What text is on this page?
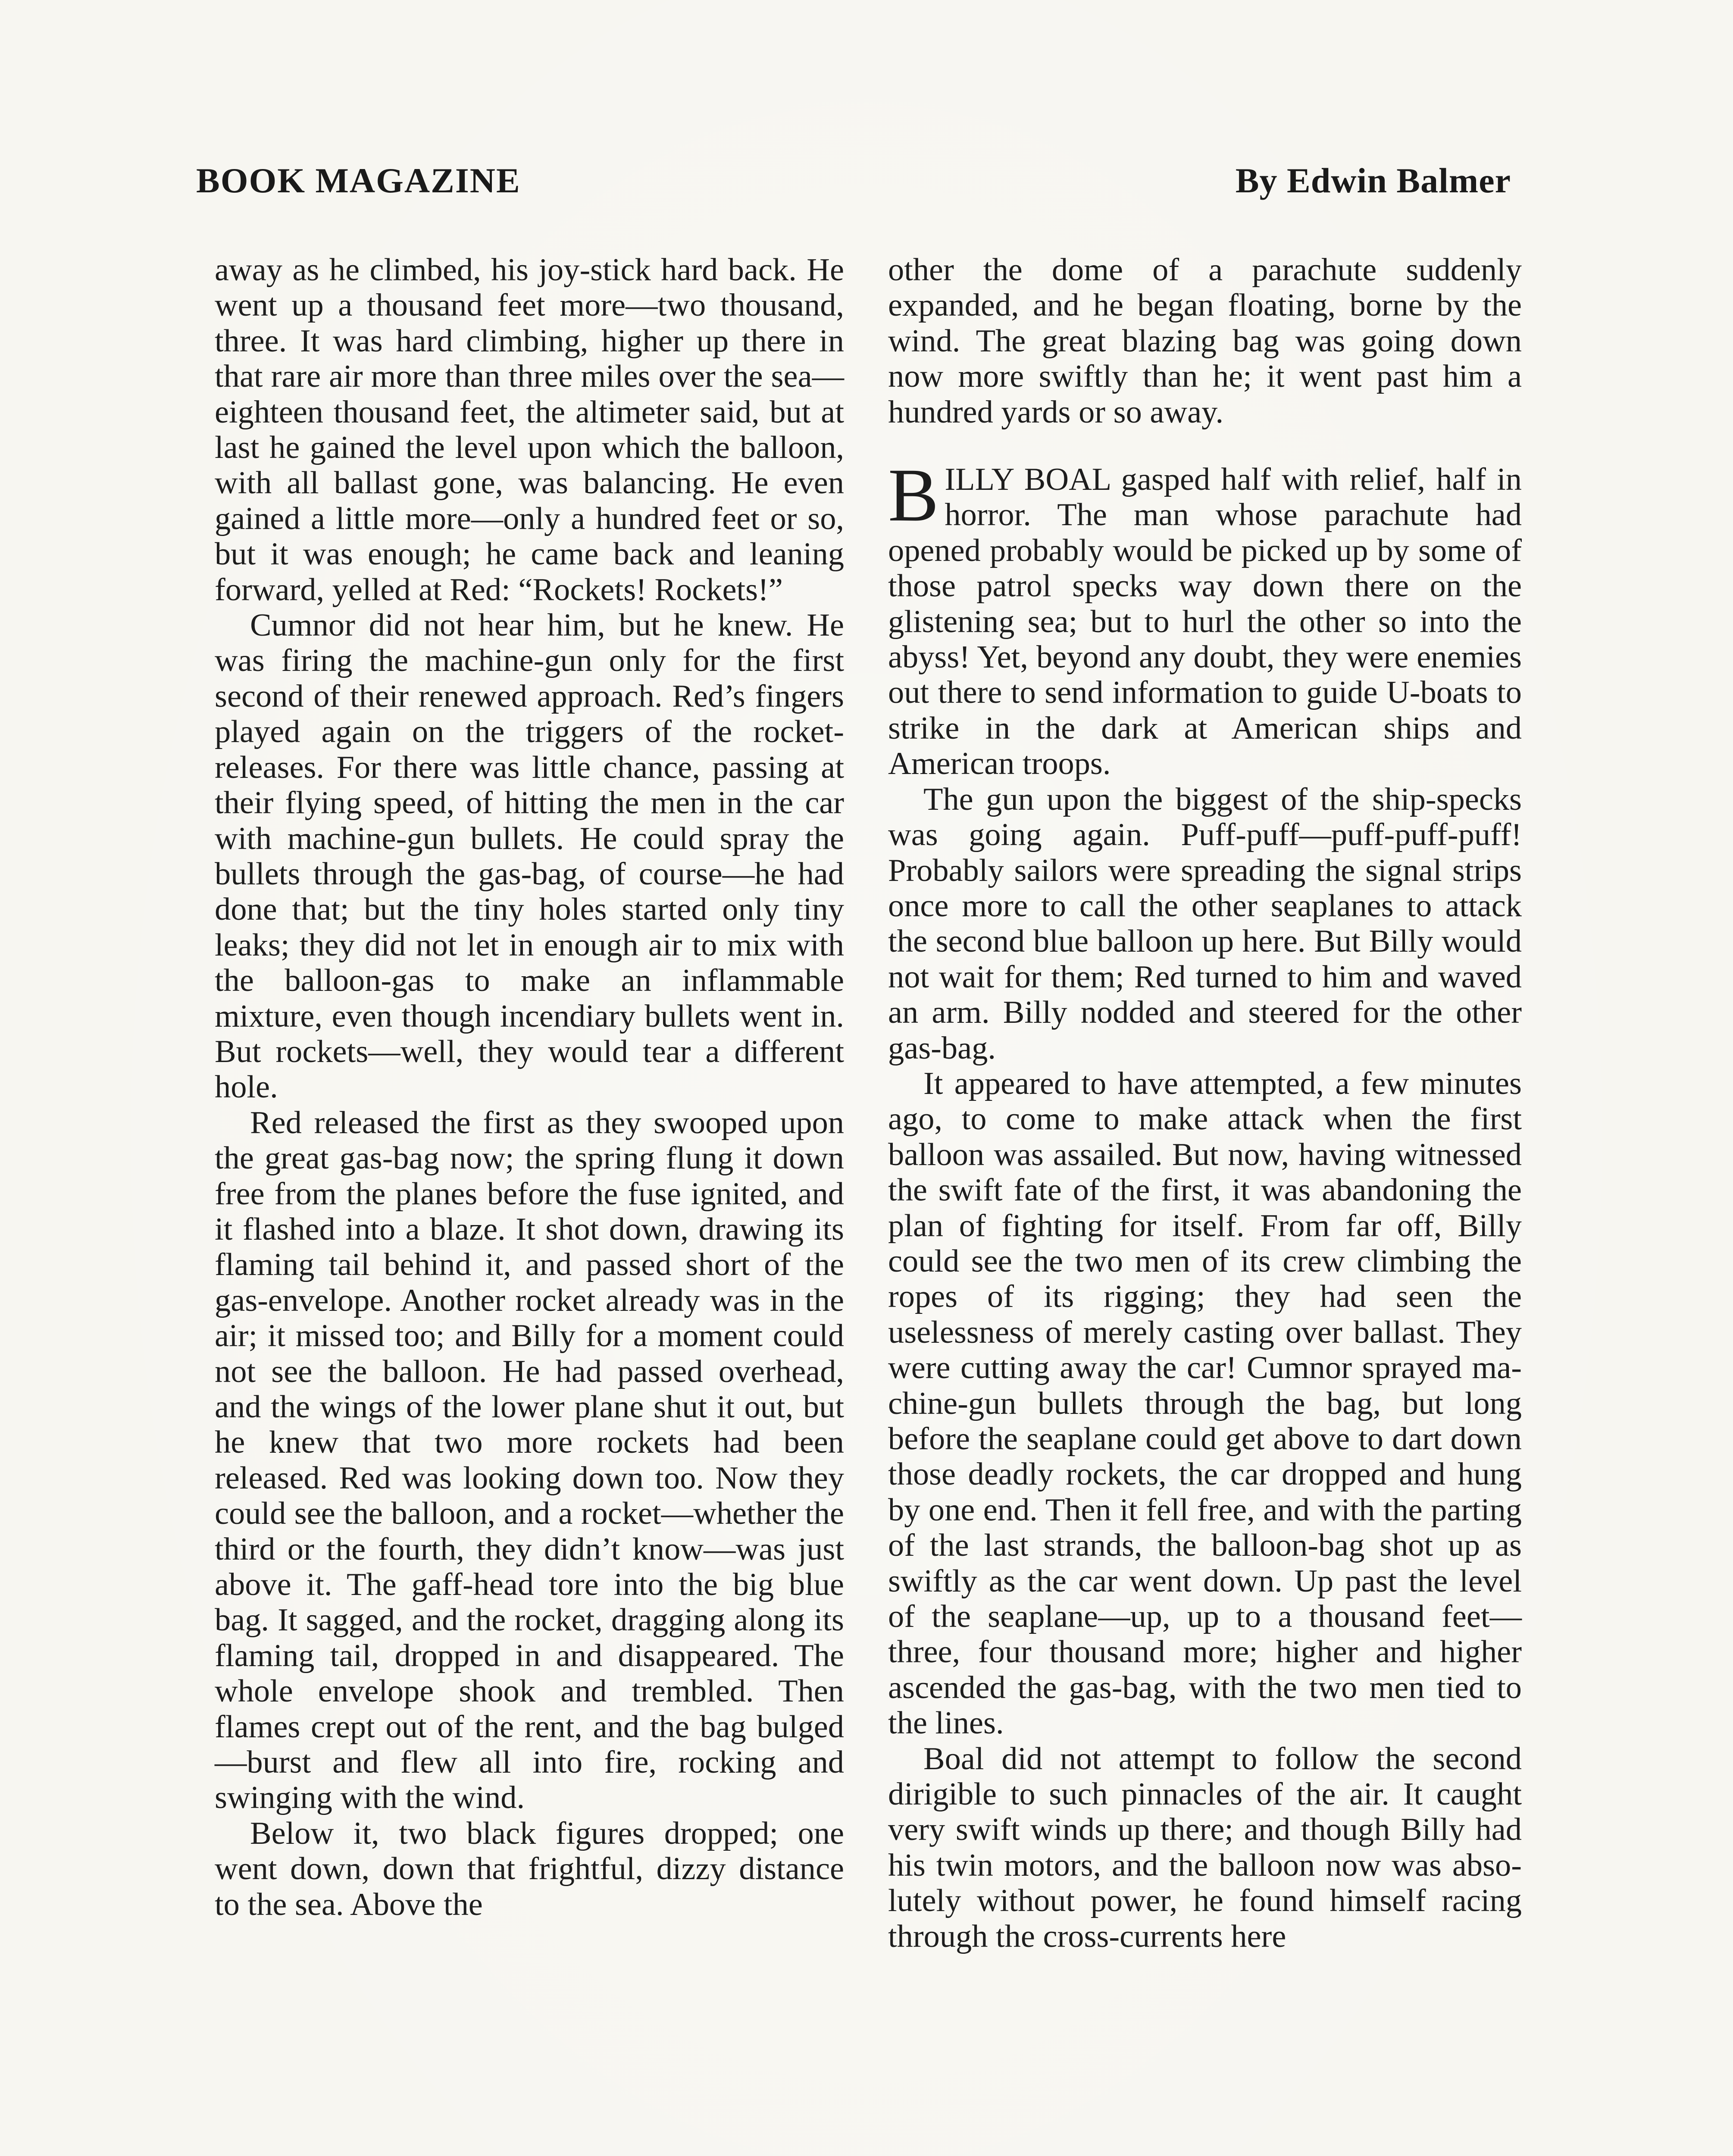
BOOK MAGAZINE	By Edwin Balmer

away as he climbed, his joy-stick hard back. He went up a thousand feet more—two thousand, three. It was hard climbing, higher up there in that rare air more than three miles over the sea—eighteen thousand feet, the altimeter said, but at last he gained the level upon which the balloon, with all ballast gone, was balancing. He even gained a little more—only a hundred feet or so, but it was enough; he came back and leaning forward, yelled at Red: “Rockets! Rockets!”

Cumnor did not hear him, but he knew. He was firing the machine-gun only for the first second of their renewed approach. Red’s fingers played again on the triggers of the rocket-releases. For there was little chance, passing at their flying speed, of hitting the men in the car with machine-gun bullets. He could spray the bullets through the gas-bag, of course—he had done that; but the tiny holes started only tiny leaks; they did not let in enough air to mix with the balloon-gas to make an inflammable mixture, even though incendiary bullets went in. But rockets—well, they would tear a different hole.

Red released the first as they swooped upon the great gas-bag now; the spring flung it down free from the planes before the fuse ignited, and it flashed into a blaze. It shot down, drawing its flaming tail behind it, and passed short of the gas-envelope. Another rocket already was in the air; it missed too; and Billy for a moment could not see the balloon. He had passed overhead, and the wings of the lower plane shut it out, but he knew that two more rockets had been released. Red was looking down too. Now they could see the balloon, and a rocket—whether the third or the fourth, they didn’t know—was just above it. The gaff-head tore into the big blue bag. It sagged, and the rocket, dragging along its flaming tail, dropped in and disappeared. The whole envelope shook and trembled. Then flames crept out of the rent, and the bag bulged—burst and flew all into fire, rocking and swinging with the wind.

Below it, two black figures dropped; one went down, down that frightful, dizzy distance to the sea. Above the

other the dome of a parachute suddenly expanded, and he began floating, borne by the wind. The great blazing bag was going down now more swiftly than he; it went past him a hundred yards or so away.

BILLY BOAL gasped half with relief, half in horror. The man whose parachute had opened probably would be picked up by some of those patrol specks way down there on the glistening sea; but to hurl the other so into the abyss! Yet, beyond any doubt, they were enemies out there to send information to guide U-boats to strike in the dark at American ships and American troops.

The gun upon the biggest of the ship-specks was going again. Puff-puff—puff-puff-puff! Probably sailors were spreading the signal strips once more to call the other seaplanes to attack the second blue balloon up here. But Billy would not wait for them; Red turned to him and waved an arm. Billy nodded and steered for the other gas-bag.

It appeared to have attempted, a few minutes ago, to come to make attack when the first balloon was assailed. But now, having witnessed the swift fate of the first, it was abandoning the plan of fighting for itself. From far off, Billy could see the two men of its crew climbing the ropes of its rigging; they had seen the uselessness of merely casting over ballast. They were cutting away the car! Cumnor sprayed machine-gun bullets through the bag, but long before the seaplane could get above to dart down those deadly rockets, the car dropped and hung by one end. Then it fell free, and with the parting of the last strands, the balloon-bag shot up as swiftly as the car went down. Up past the level of the seaplane—up, up to a thousand feet—three, four thousand more; higher and higher ascended the gas-bag, with the two men tied to the lines.

Boal did not attempt to follow the second dirigible to such pinnacles of the air. It caught very swift winds up there; and though Billy had his twin motors, and the balloon now was absolutely without power, he found himself racing through the cross-currents here
